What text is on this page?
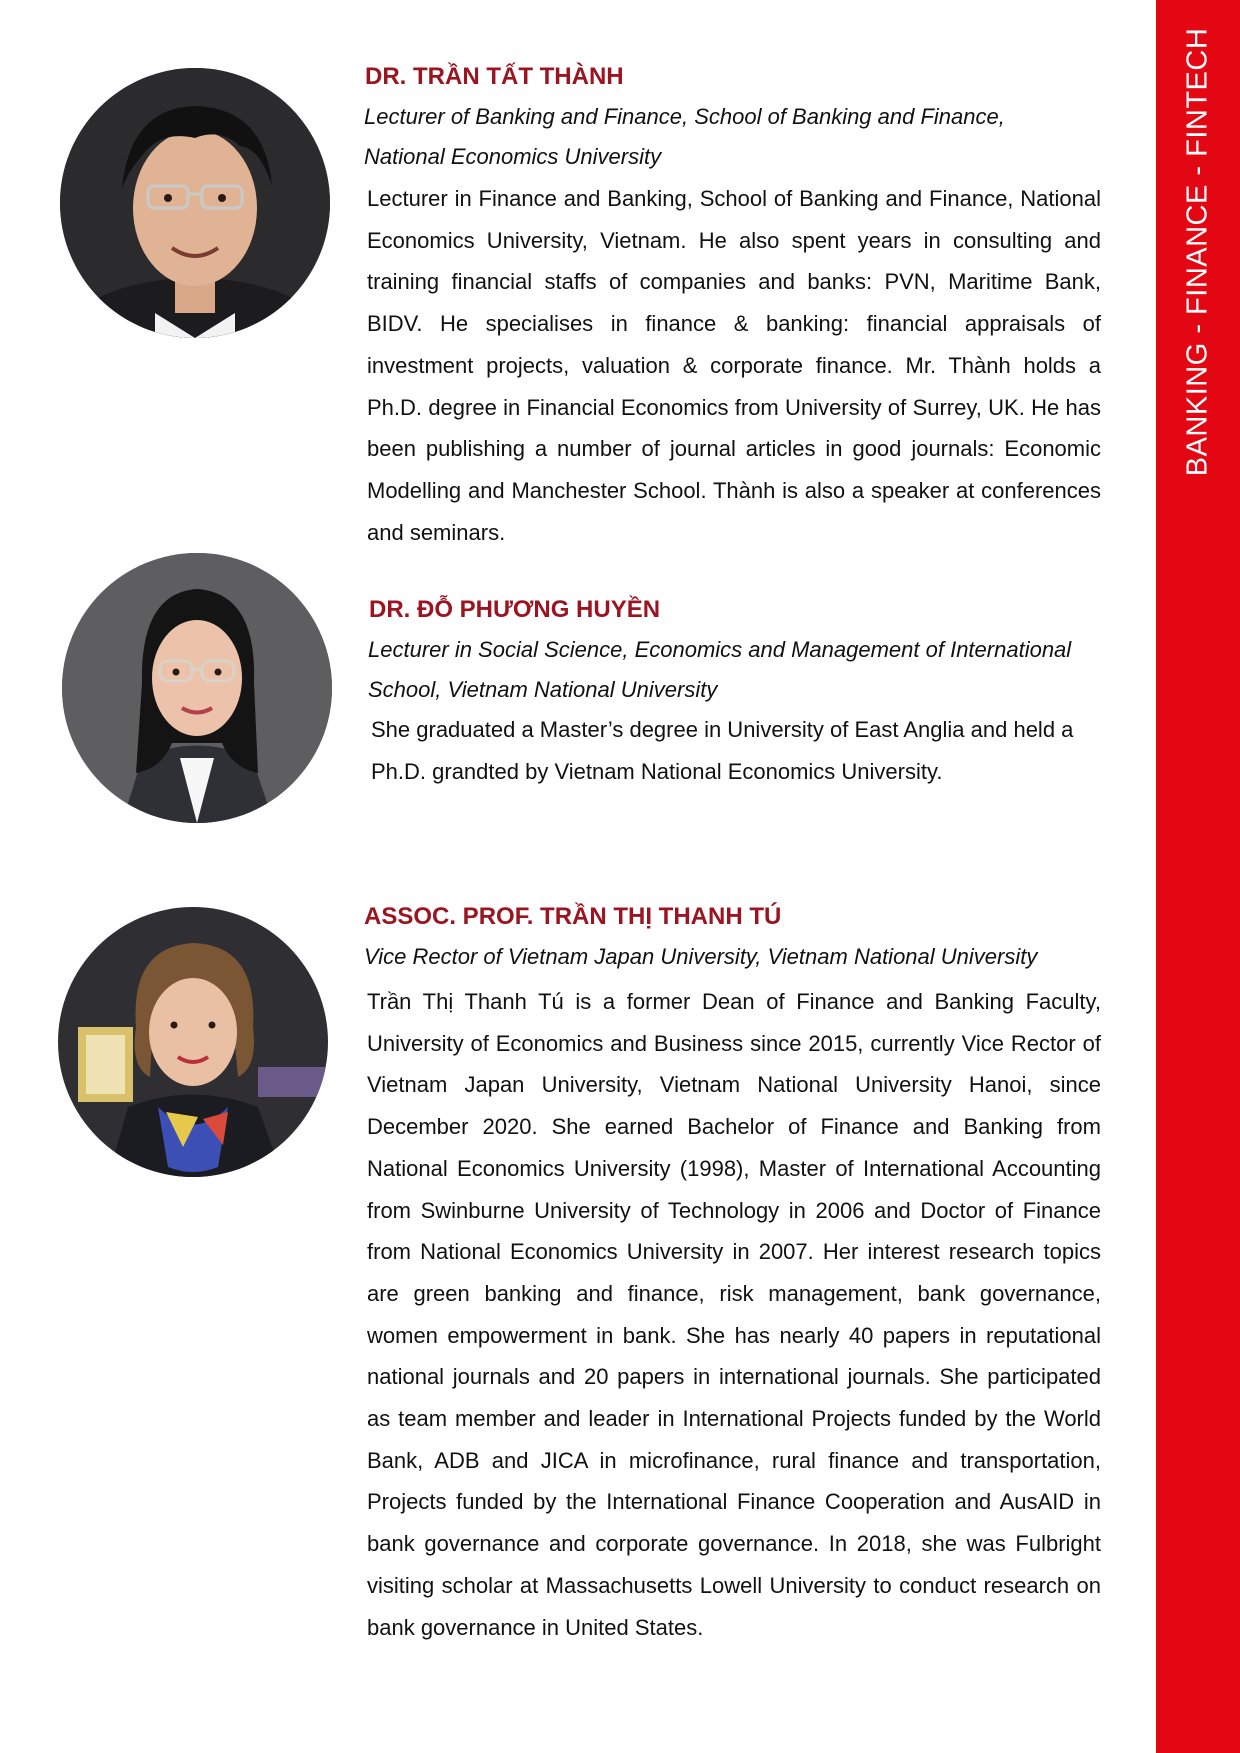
BANKING - FINANCE - FINTECH
DR. TRẦN TẤT THÀNH

Lecturer of Banking and Finance, School of Banking and Finance, National Economics University

Lecturer in Finance and Banking, School of Banking and Finance, National Economics University, Vietnam. He also spent years in consulting and training financial staffs of companies and banks: PVN, Maritime Bank, BIDV. He specialises in finance & banking: financial appraisals of investment projects, valuation & corporate finance. Mr. Thành holds a Ph.D. degree in Financial Economics from University of Surrey, UK. He has been publishing a number of journal articles in good journals: Economic Modelling and Manchester School. Thành is also a speaker at conferences and seminars.

DR. ĐỖ PHƯƠNG HUYỀN

Lecturer in Social Science, Economics and Management of International School, Vietnam National University

She graduated a Master’s degree in University of East Anglia and held a Ph.D. grandted by Vietnam National Economics University.

ASSOC. PROF. TRẦN THỊ THANH TÚ

Vice Rector of Vietnam Japan University, Vietnam National University

Trần Thị Thanh Tú is a former Dean of Finance and Banking Faculty, University of Economics and Business since 2015, currently Vice Rector of Vietnam Japan University, Vietnam National University Hanoi, since December 2020. She earned Bachelor of Finance and Banking from National Economics University (1998), Master of International Accounting from Swinburne University of Technology in 2006 and Doctor of Finance from National Economics University in 2007. Her interest research topics are green banking and finance, risk management, bank governance, women empowerment in bank. She has nearly 40 papers in reputational national journals and 20 papers in international journals. She participated as team member and leader in International Projects funded by the World Bank, ADB and JICA in microfinance, rural finance and transportation, Projects funded by the International Finance Cooperation and AusAID in bank governance and corporate governance. In 2018, she was Fulbright visiting scholar at Massachusetts Lowell University to conduct research on bank governance in United States.
